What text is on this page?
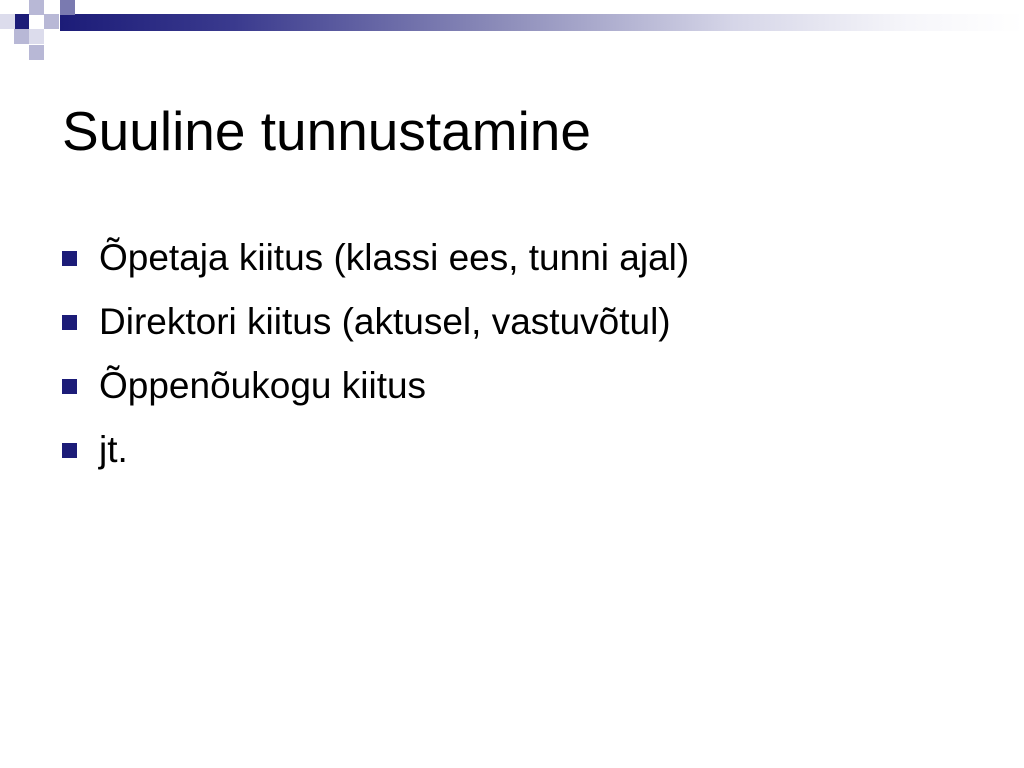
Suuline tunnustamine
Õpetaja kiitus (klassi ees, tunni ajal)
Direktori kiitus (aktusel, vastuvõtul)
Õppenõukogu kiitus
jt.
